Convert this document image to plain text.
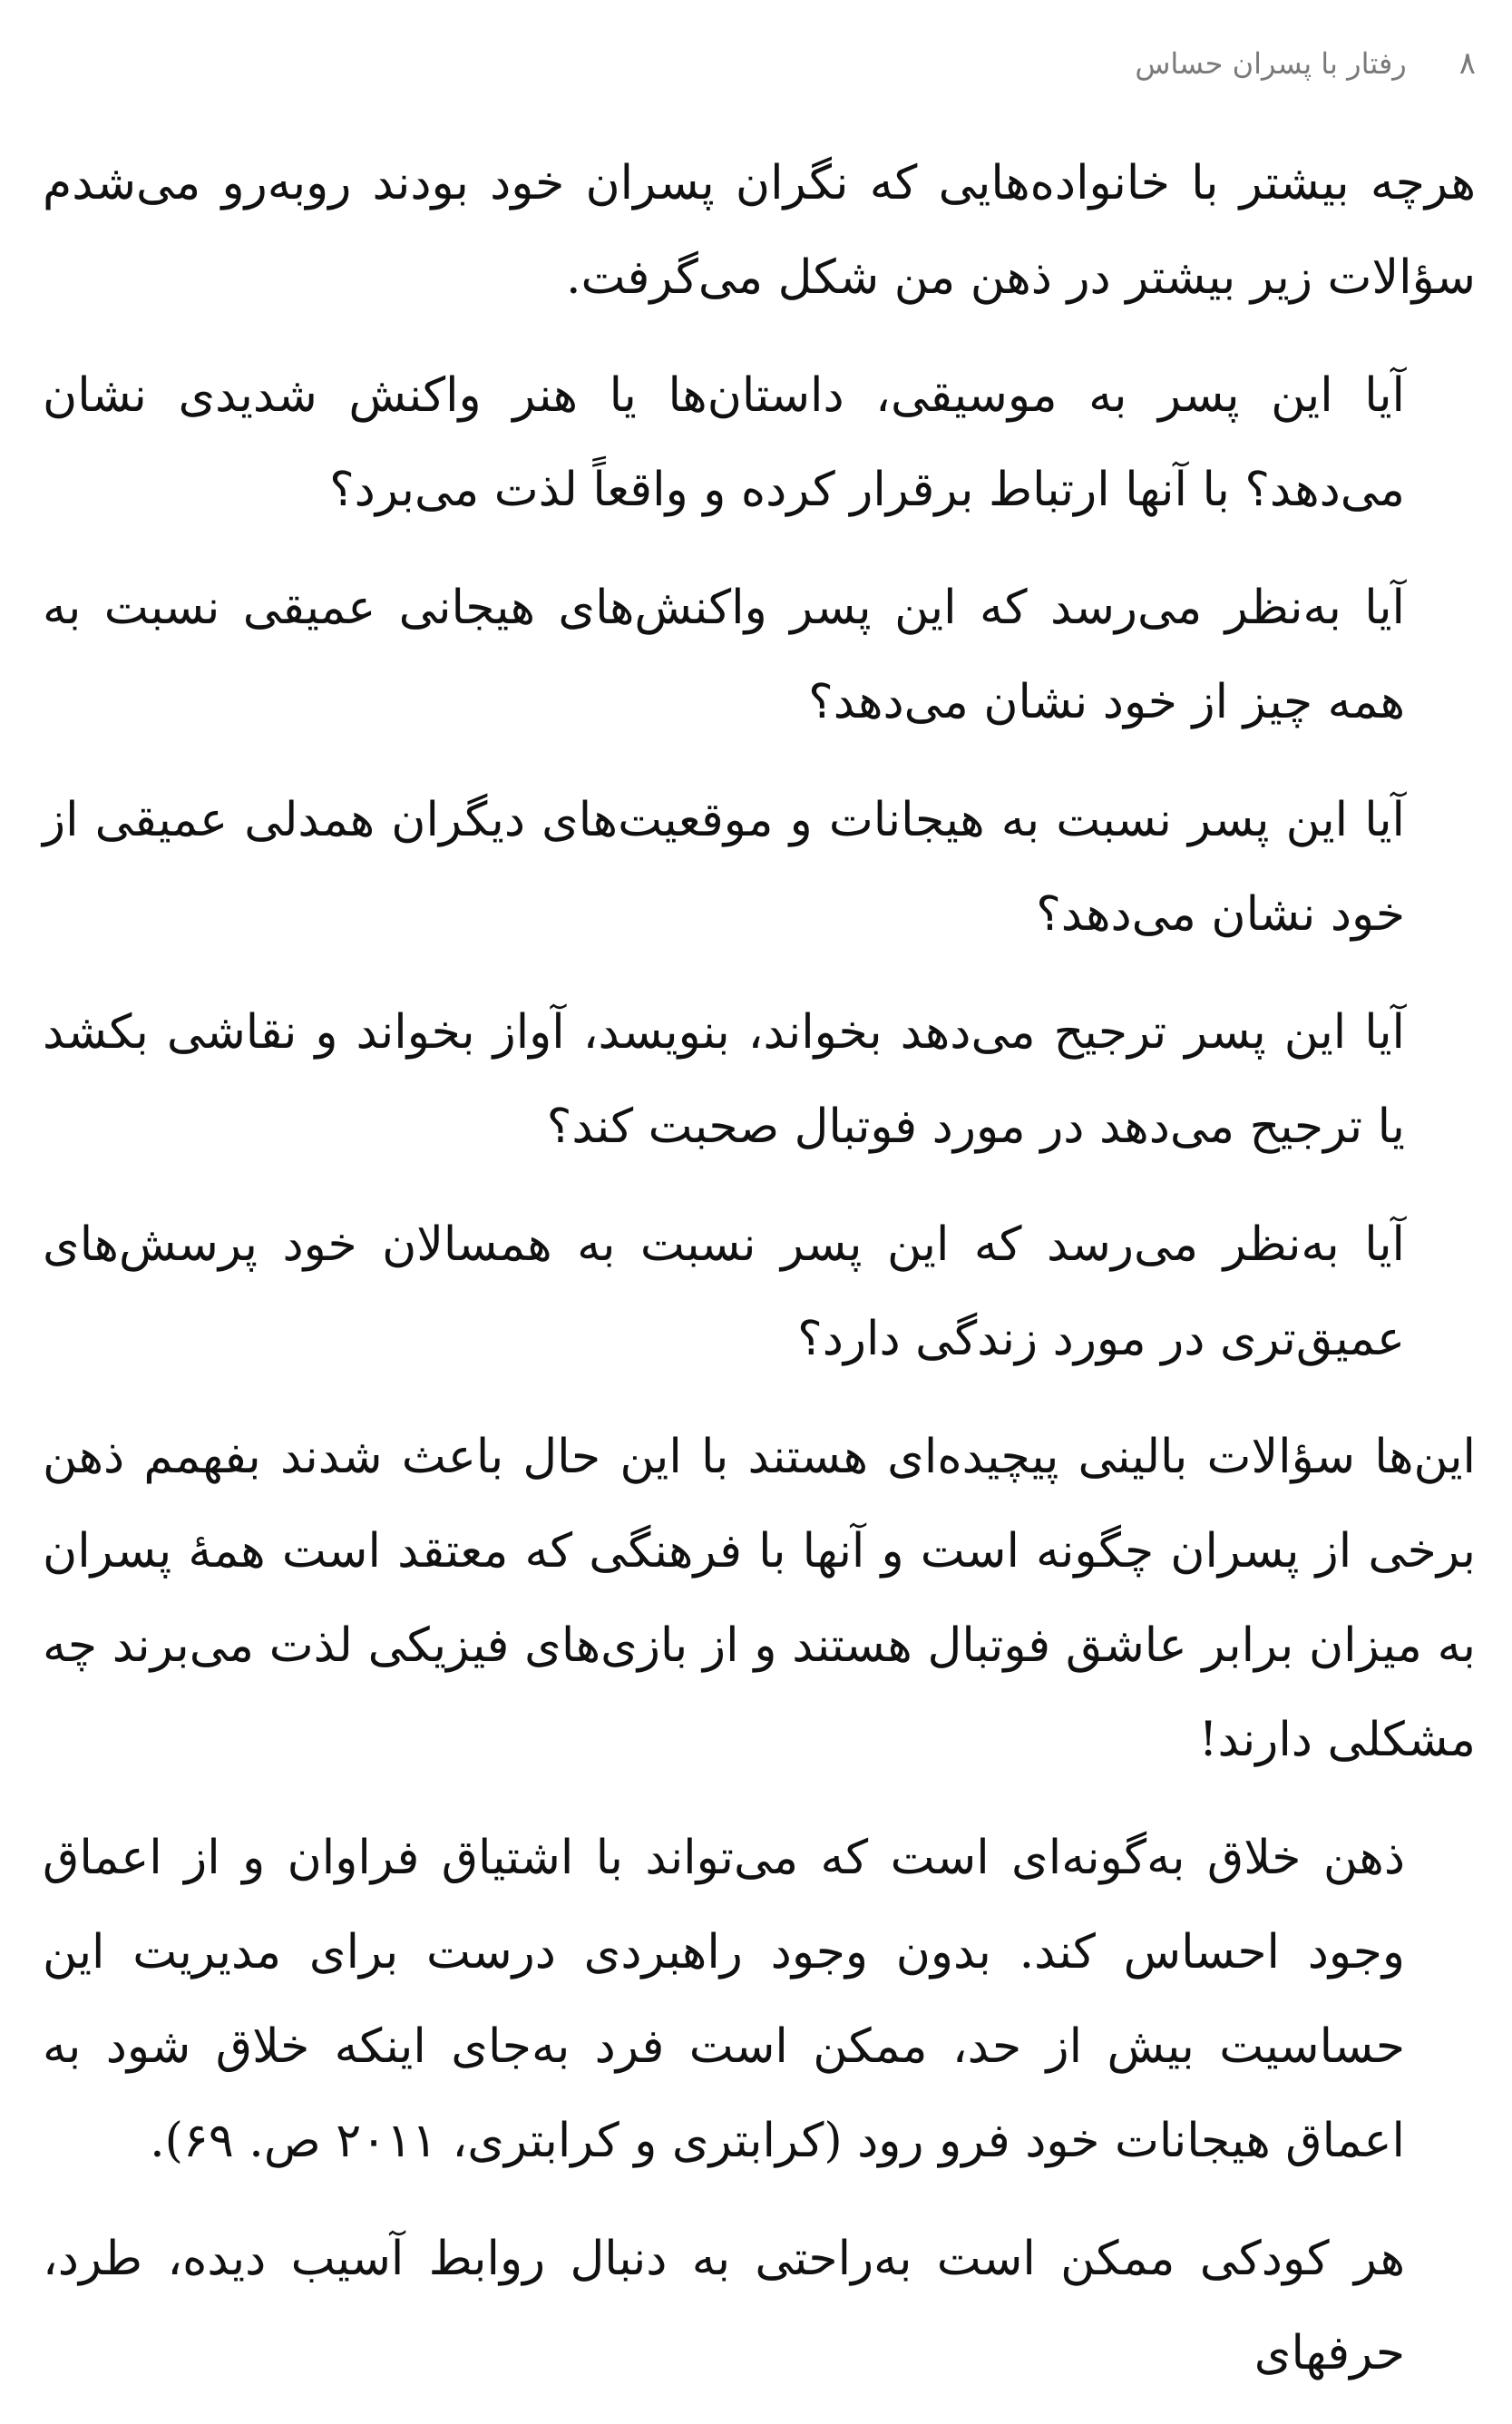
۸
رفتار با پسران حساس

هرچه بیشتر با خانواده‌هایی که نگران پسران خود بودند روبه‌رو می‌شدم سؤالات زیر بیشتر در ذهن من شکل می‌گرفت.

آیا این پسر به موسیقی، داستان‌ها یا هنر واکنش شدیدی نشان می‌دهد؟ با آنها ارتباط برقرار کرده و واقعاً لذت می‌برد؟

آیا به‌نظر می‌رسد که این پسر واکنش‌های هیجانی عمیقی نسبت به همه چیز از خود نشان می‌دهد؟

آیا این پسر نسبت به هیجانات و موقعیت‌های دیگران همدلی عمیقی از خود نشان می‌دهد؟

آیا این پسر ترجیح می‌دهد بخواند، بنویسد، آواز بخواند و نقاشی بکشد یا ترجیح می‌دهد در مورد فوتبال صحبت کند؟

آیا به‌نظر می‌رسد که این پسر نسبت به همسالان خود پرسش‌های عمیق‌تری در مورد زندگی دارد؟

این‌ها سؤالات بالینی پیچیده‌ای هستند با این حال باعث شدند بفهمم ذهن برخی از پسران چگونه است و آنها با فرهنگی که معتقد است همهٔ پسران به میزان برابر عاشق فوتبال هستند و از بازی‌های فیزیکی لذت می‌برند چه مشکلی دارند!

ذهن خلاق به‌گونه‌ای است که می‌تواند با اشتیاق فراوان و از اعماق وجود احساس کند. بدون وجود راهبردی درست برای مدیریت این حساسیت بیش از حد، ممکن است فرد به‌جای اینکه خلاق شود به اعماق هیجانات خود فرو رود (کرابتری و کرابتری، ۲۰۱۱ ص. ۶۹).

هر کودکی ممکن است به‌راحتی به دنبال روابط آسیب دیده، طرد، حرفهای
